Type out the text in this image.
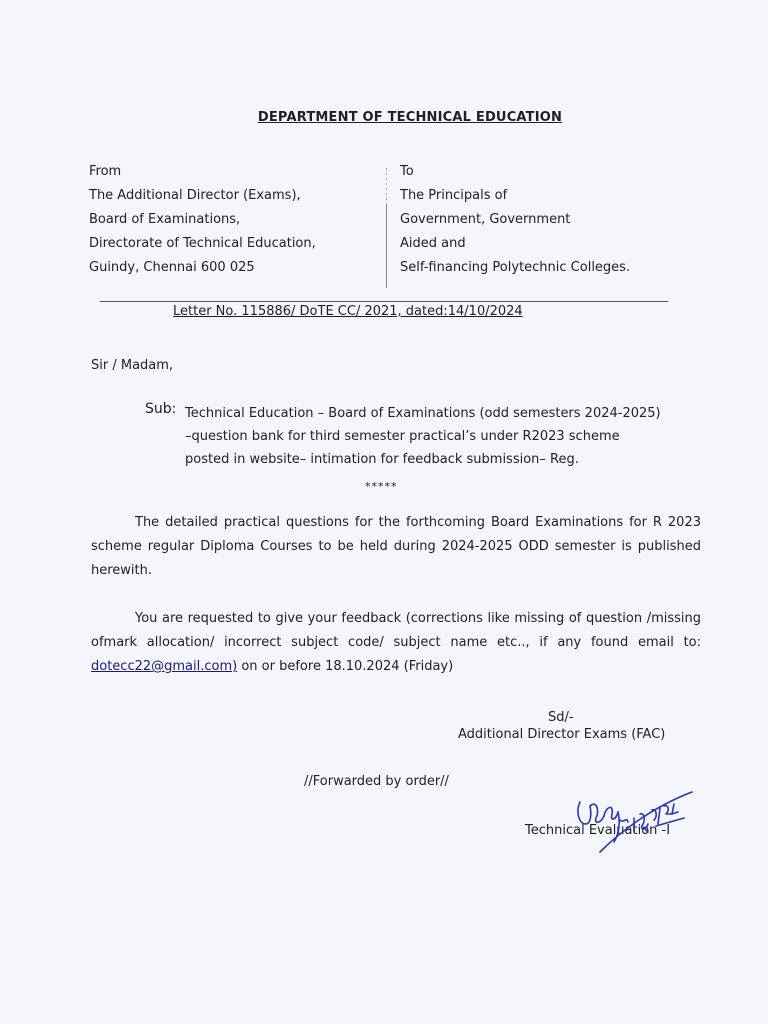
DEPARTMENT OF TECHNICAL EDUCATION
From
The Additional Director (Exams),
Board of Examinations,
Directorate of Technical Education,
Guindy, Chennai 600 025
To
The Principals of
Government, Government
Aided and
Self-financing Polytechnic Colleges.
Letter No. 115886/ DoTE CC/ 2021, dated:14/10/2024
Sir / Madam,
Sub: Technical Education – Board of Examinations (odd semesters 2024-2025)
–question bank for third semester practical’s under R2023 scheme
posted in website– intimation for feedback submission– Reg.
*****
The detailed practical questions for the forthcoming Board Examinations for R 2023 scheme regular Diploma Courses to be held during 2024-2025 ODD semester is published herewith.
You are requested to give your feedback (corrections like missing of question /missing ofmark allocation/ incorrect subject code/ subject name etc.., if any found email to: dotecc22@gmail.com) on or before 18.10.2024 (Friday)
Sd/-
Additional Director Exams (FAC)
//Forwarded by order//
Technical Evaluation -I
